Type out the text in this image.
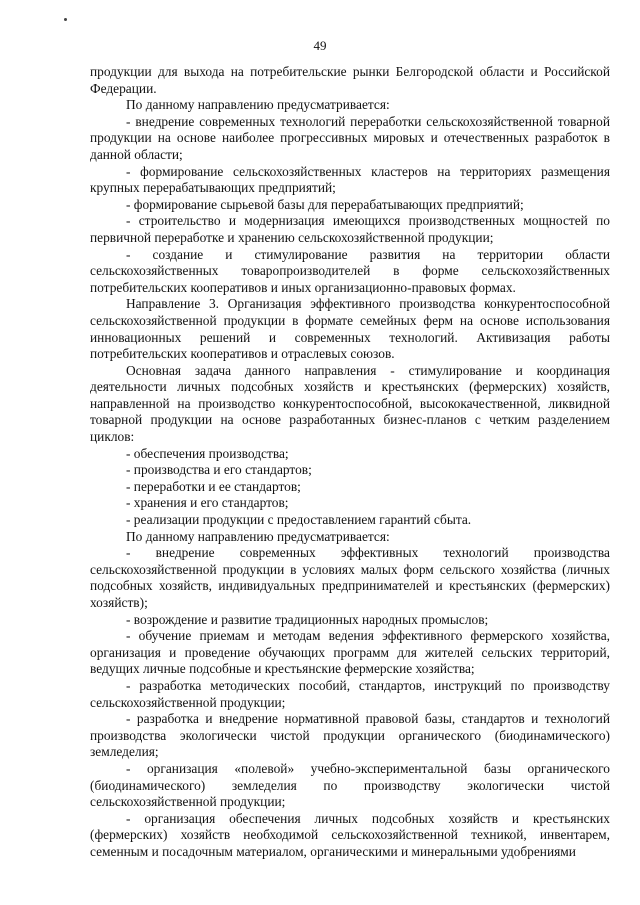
49

продукции для выхода на потребительские рынки Белгородской области и Российской Федерации.

По данному направлению предусматривается:

- внедрение современных технологий переработки сельскохозяйственной товарной продукции на основе наиболее прогрессивных мировых и отечественных разработок в данной области;

- формирование сельскохозяйственных кластеров на территориях размещения крупных перерабатывающих предприятий;

- формирование сырьевой базы для перерабатывающих предприятий;

- строительство и модернизация имеющихся производственных мощностей по первичной переработке и хранению сельскохозяйственной продукции;

- создание и стимулирование развития на территории области сельскохозяйственных товаропроизводителей в форме сельскохозяйственных потребительских кооперативов и иных организационно-правовых формах.

Направление 3. Организация эффективного производства конкурентоспособной сельскохозяйственной продукции в формате семейных ферм на основе использования инновационных решений и современных технологий. Активизация работы потребительских кооперативов и отраслевых союзов.

Основная задача данного направления - стимулирование и координация деятельности личных подсобных хозяйств и крестьянских (фермерских) хозяйств, направленной на производство конкурентоспособной, высококачественной, ликвидной товарной продукции на основе разработанных бизнес-планов с четким разделением циклов:

- обеспечения производства;

- производства и его стандартов;

- переработки и ее стандартов;

- хранения и его стандартов;

- реализации продукции с предоставлением гарантий сбыта.

По данному направлению предусматривается:

- внедрение современных эффективных технологий производства сельскохозяйственной продукции в условиях малых форм сельского хозяйства (личных подсобных хозяйств, индивидуальных предпринимателей и крестьянских (фермерских) хозяйств);

- возрождение и развитие традиционных народных промыслов;

- обучение приемам и методам ведения эффективного фермерского хозяйства, организация и проведение обучающих программ для жителей сельских территорий, ведущих личные подсобные и крестьянские фермерские хозяйства;

- разработка методических пособий, стандартов, инструкций по производству сельскохозяйственной продукции;

- разработка и внедрение нормативной правовой базы, стандартов и технологий производства экологически чистой продукции органического (биодинамического) земледелия;

- организация «полевой» учебно-экспериментальной базы органического (биодинамического) земледелия по производству экологически чистой сельскохозяйственной продукции;

- организация обеспечения личных подсобных хозяйств и крестьянских (фермерских) хозяйств необходимой сельскохозяйственной техникой, инвентарем, семенным и посадочным материалом, органическими и минеральными удобрениями
